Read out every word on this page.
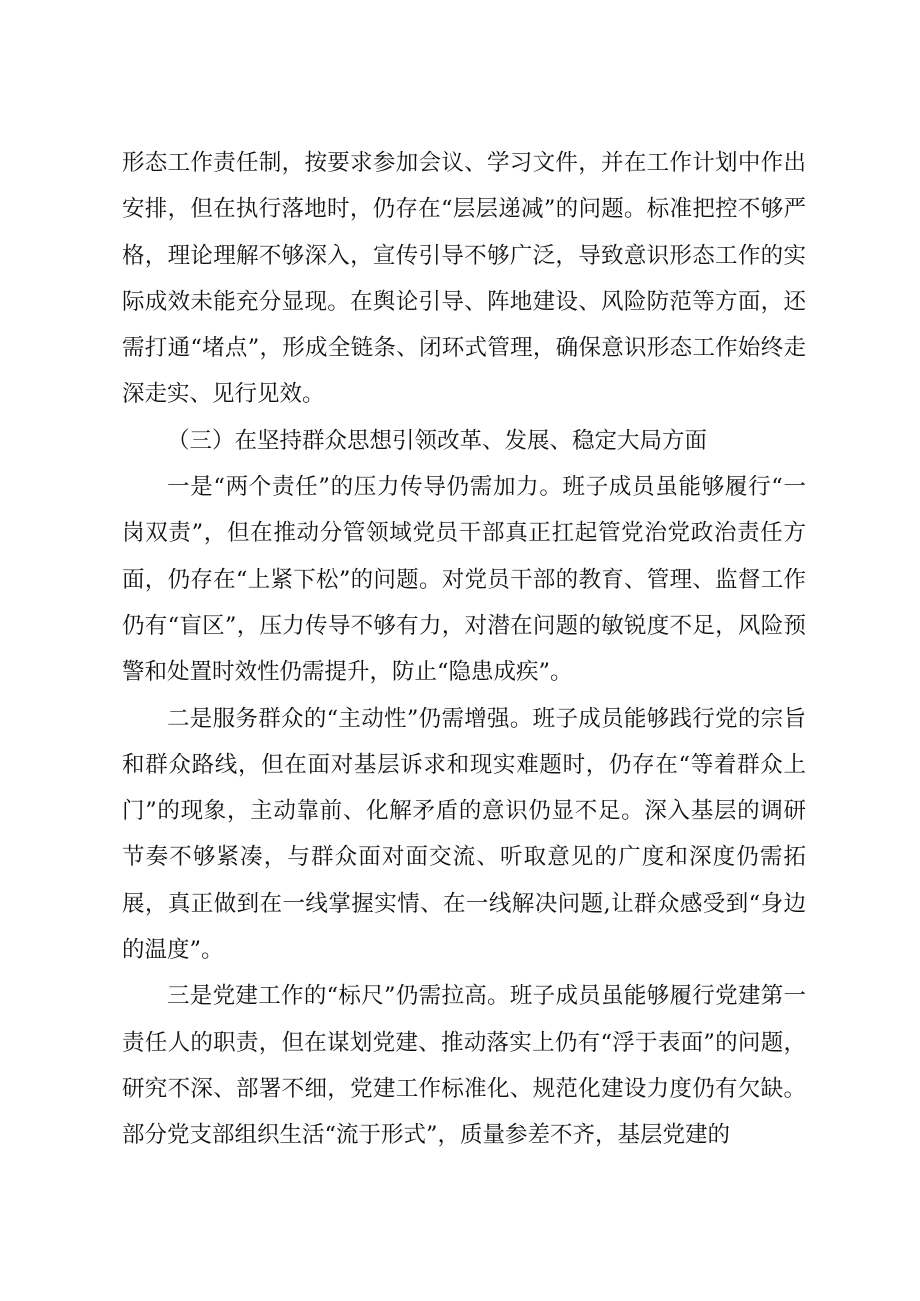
形态工作责任制，按要求参加会议、学习文件，并在工作计划中作出安排，但在执行落地时，仍存在“层层递减”的问题。标准把控不够严格，理论理解不够深入，宣传引导不够广泛，导致意识形态工作的实际成效未能充分显现。在舆论引导、阵地建设、风险防范等方面，还需打通“堵点”，形成全链条、闭环式管理，确保意识形态工作始终走深走实、见行见效。

（三）在坚持群众思想引领改革、发展、稳定大局方面

一是“两个责任”的压力传导仍需加力。班子成员虽能够履行“一岗双责”，但在推动分管领域党员干部真正扛起管党治党政治责任方面，仍存在“上紧下松”的问题。对党员干部的教育、管理、监督工作仍有“盲区”，压力传导不够有力，对潜在问题的敏锐度不足，风险预警和处置时效性仍需提升，防止“隐患成疾”。

二是服务群众的“主动性”仍需增强。班子成员能够践行党的宗旨和群众路线，但在面对基层诉求和现实难题时，仍存在“等着群众上门”的现象，主动靠前、化解矛盾的意识仍显不足。深入基层的调研节奏不够紧凑，与群众面对面交流、听取意见的广度和深度仍需拓展，真正做到在一线掌握实情、在一线解决问题,让群众感受到“身边的温度”。

三是党建工作的“标尺”仍需拉高。班子成员虽能够履行党建第一责任人的职责，但在谋划党建、推动落实上仍有“浮于表面”的问题，研究不深、部署不细，党建工作标准化、规范化建设力度仍有欠缺。部分党支部组织生活“流于形式”，质量参差不齐，基层党建的
